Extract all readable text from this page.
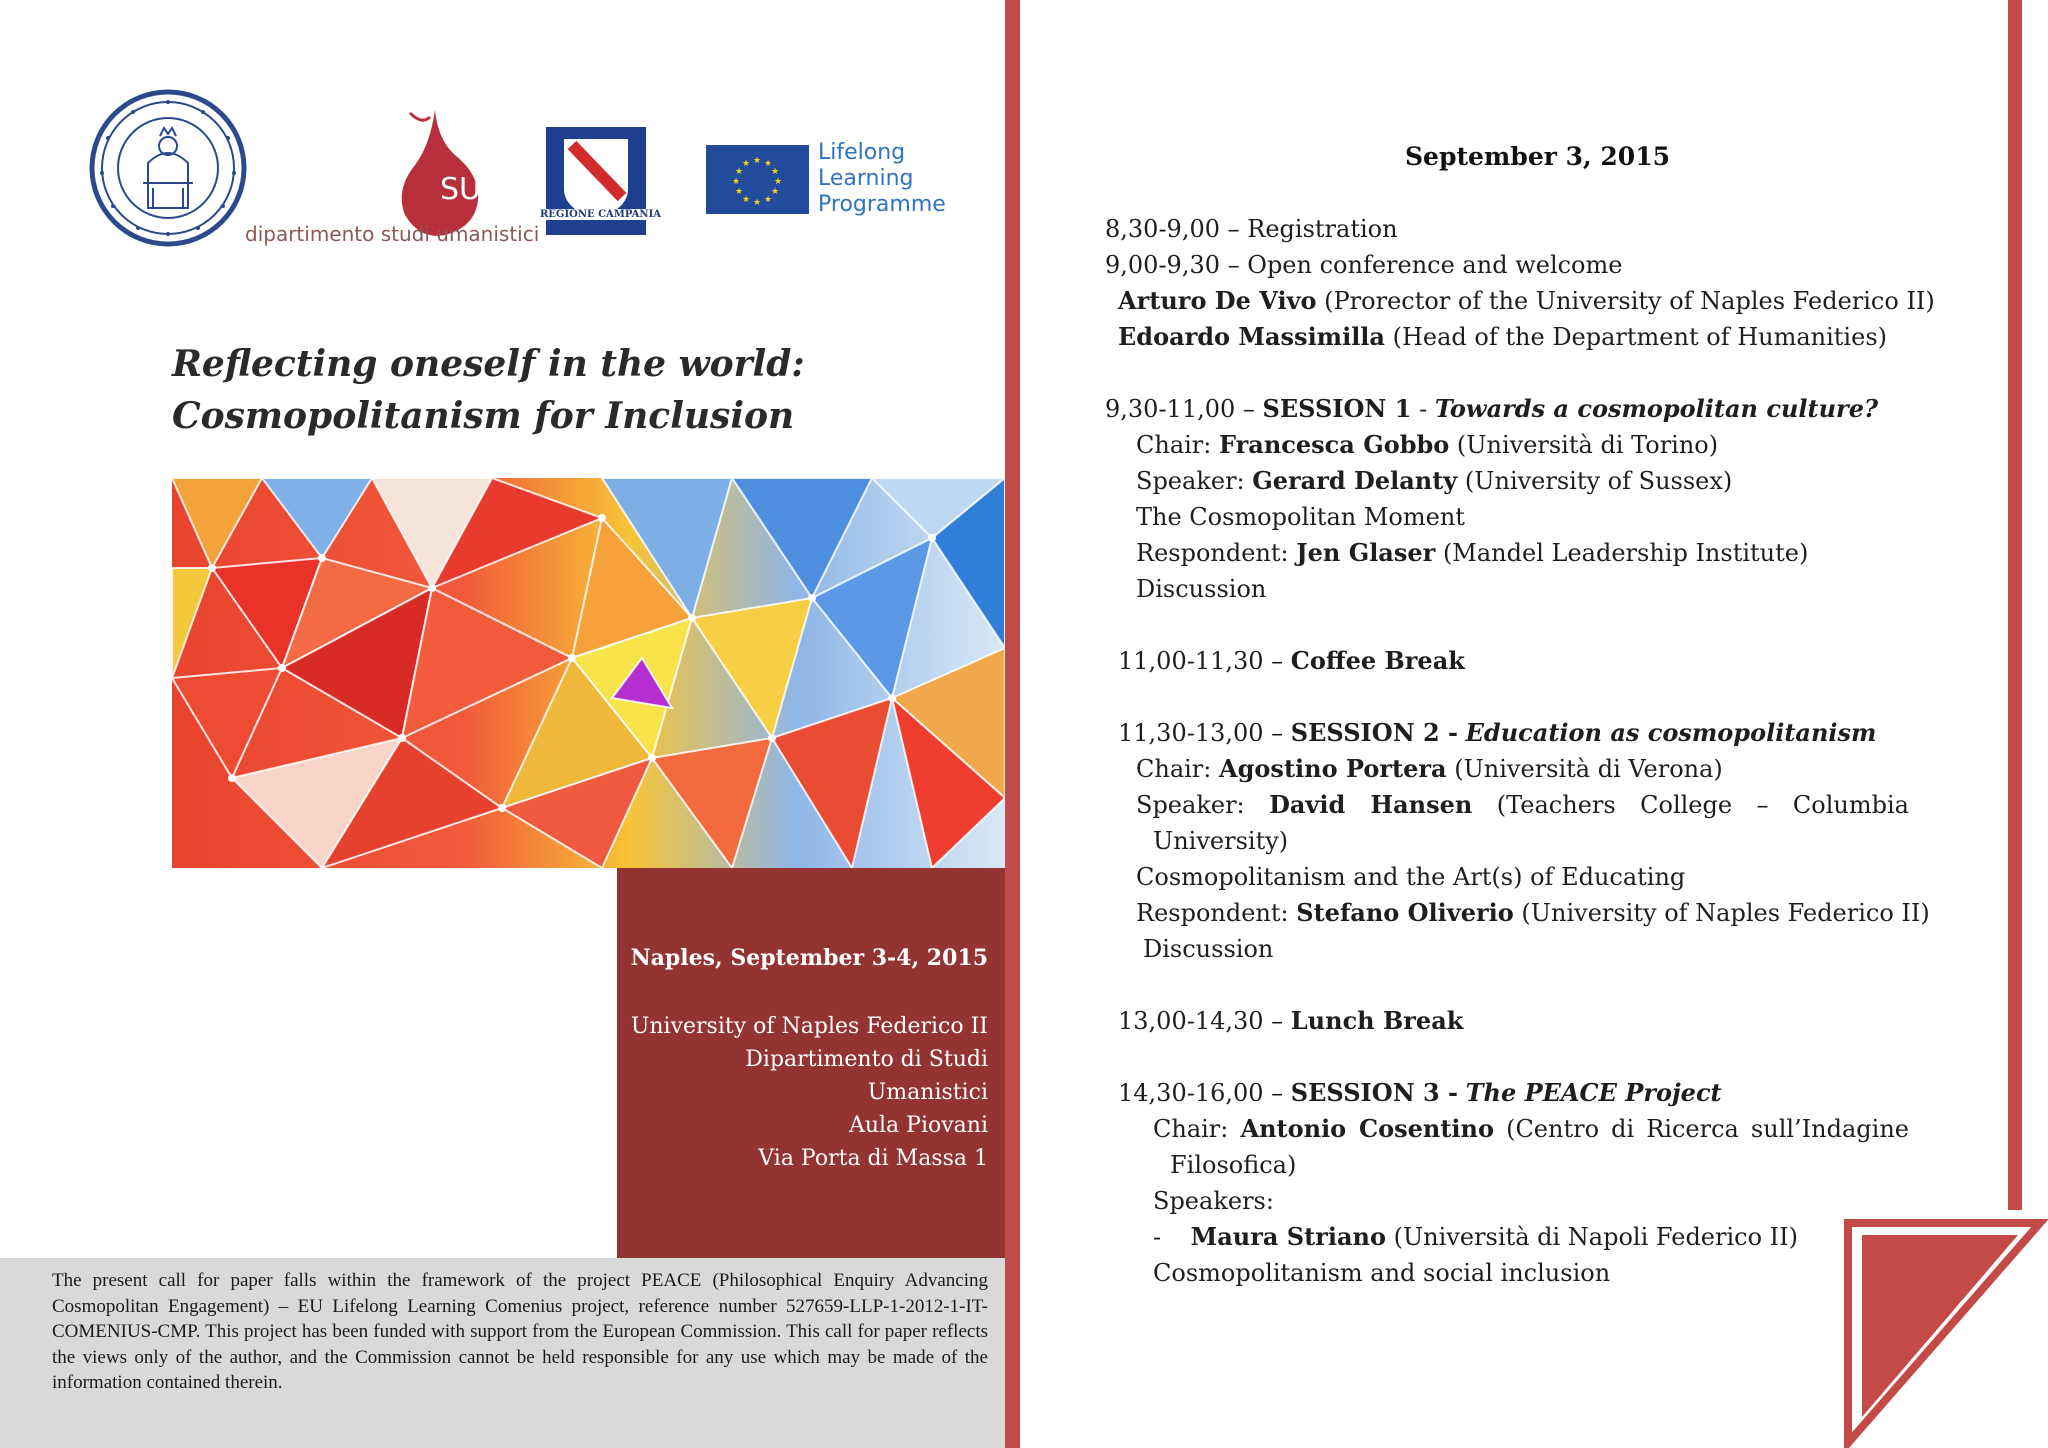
SU
dipartimento studi umanistici
REGIONE CAMPANIA
★ ★
★
★
★
★
★
★
★
★
★
★	Lifelong
Learning
Programme
Reflecting oneself in the world:
Cosmopolitanism for Inclusion
Naples, September 3-4, 2015
University of Naples Federico II
Dipartimento di Studi
Umanistici
Aula Piovani
Via Porta di Massa 1
The present call for paper falls within the framework of the project PEACE (Philosophical Enquiry Advancing Cosmopolitan Engagement) – EU Lifelong Learning Comenius project, reference number 527659-LLP-1-2012-1-IT-COMENIUS-CMP. This project has been funded with support from the European Commission. This call for paper reflects the views only of the author, and the Commission cannot be held responsible for any use which may be made of the information contained therein.
September 3, 2015
8,30-9,00 – Registration
9,00-9,30 – Open conference and welcome
Arturo De Vivo (Prorector of the University of Naples Federico II)
Edoardo Massimilla (Head of the Department of Humanities)
9,30-11,00 – SESSION 1 - Towards a cosmopolitan culture?
Chair: Francesca Gobbo (Università di Torino)
Speaker: Gerard Delanty (University of Sussex)
The Cosmopolitan Moment
Respondent: Jen Glaser (Mandel Leadership Institute)
Discussion
11,00-11,30 – Coffee Break
11,30-13,00 – SESSION 2 - Education as cosmopolitanism
Chair: Agostino Portera (Università di Verona)
Speaker: David Hansen (Teachers College – Columbia
University)
Cosmopolitanism and the Art(s) of Educating
Respondent: Stefano Oliverio (University of Naples Federico II)
Discussion
13,00-14,30 – Lunch Break
14,30-16,00 – SESSION 3 - The PEACE Project
Chair: Antonio Cosentino (Centro di Ricerca sull’Indagine
Filosofica)
Speakers:
- Maura Striano (Università di Napoli Federico II)
Cosmopolitanism and social inclusion
